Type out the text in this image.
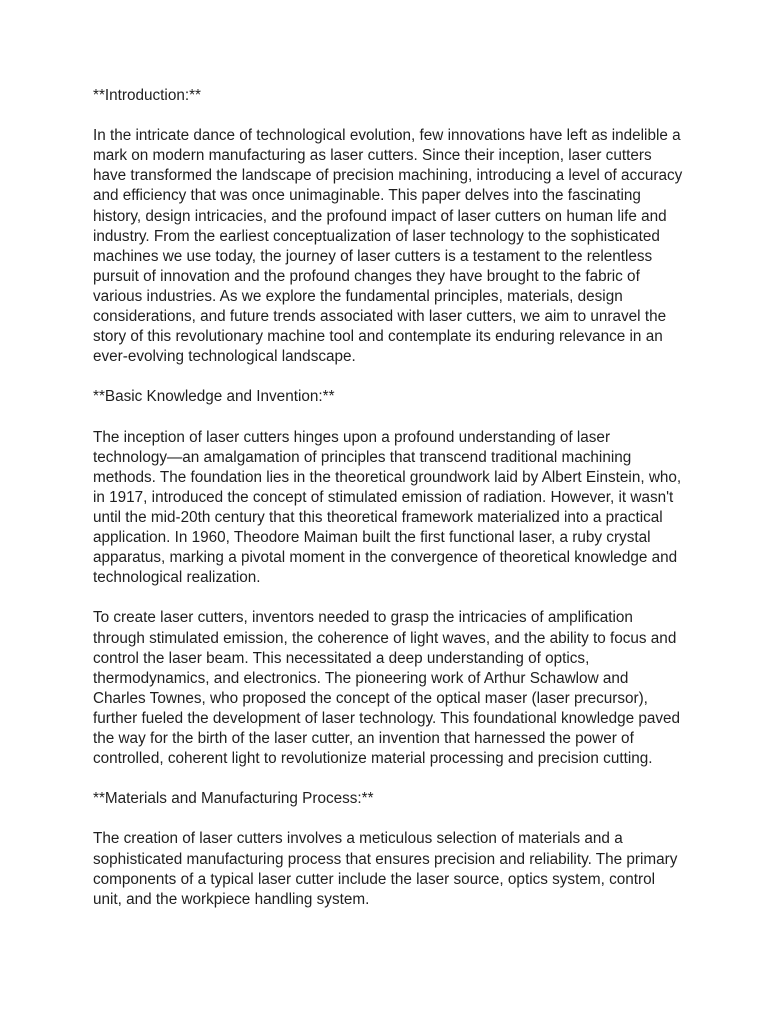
**Introduction:**

In the intricate dance of technological evolution, few innovations have left as indelible a mark on modern manufacturing as laser cutters. Since their inception, laser cutters have transformed the landscape of precision machining, introducing a level of accuracy and efficiency that was once unimaginable. This paper delves into the fascinating history, design intricacies, and the profound impact of laser cutters on human life and industry. From the earliest conceptualization of laser technology to the sophisticated machines we use today, the journey of laser cutters is a testament to the relentless pursuit of innovation and the profound changes they have brought to the fabric of various industries. As we explore the fundamental principles, materials, design considerations, and future trends associated with laser cutters, we aim to unravel the story of this revolutionary machine tool and contemplate its enduring relevance in an ever-evolving technological landscape.

**Basic Knowledge and Invention:**

The inception of laser cutters hinges upon a profound understanding of laser technology—an amalgamation of principles that transcend traditional machining methods. The foundation lies in the theoretical groundwork laid by Albert Einstein, who, in 1917, introduced the concept of stimulated emission of radiation. However, it wasn't until the mid-20th century that this theoretical framework materialized into a practical application. In 1960, Theodore Maiman built the first functional laser, a ruby crystal apparatus, marking a pivotal moment in the convergence of theoretical knowledge and technological realization.

To create laser cutters, inventors needed to grasp the intricacies of amplification through stimulated emission, the coherence of light waves, and the ability to focus and control the laser beam. This necessitated a deep understanding of optics, thermodynamics, and electronics. The pioneering work of Arthur Schawlow and Charles Townes, who proposed the concept of the optical maser (laser precursor), further fueled the development of laser technology. This foundational knowledge paved the way for the birth of the laser cutter, an invention that harnessed the power of controlled, coherent light to revolutionize material processing and precision cutting.

**Materials and Manufacturing Process:**

The creation of laser cutters involves a meticulous selection of materials and a sophisticated manufacturing process that ensures precision and reliability. The primary components of a typical laser cutter include the laser source, optics system, control unit, and the workpiece handling system.
